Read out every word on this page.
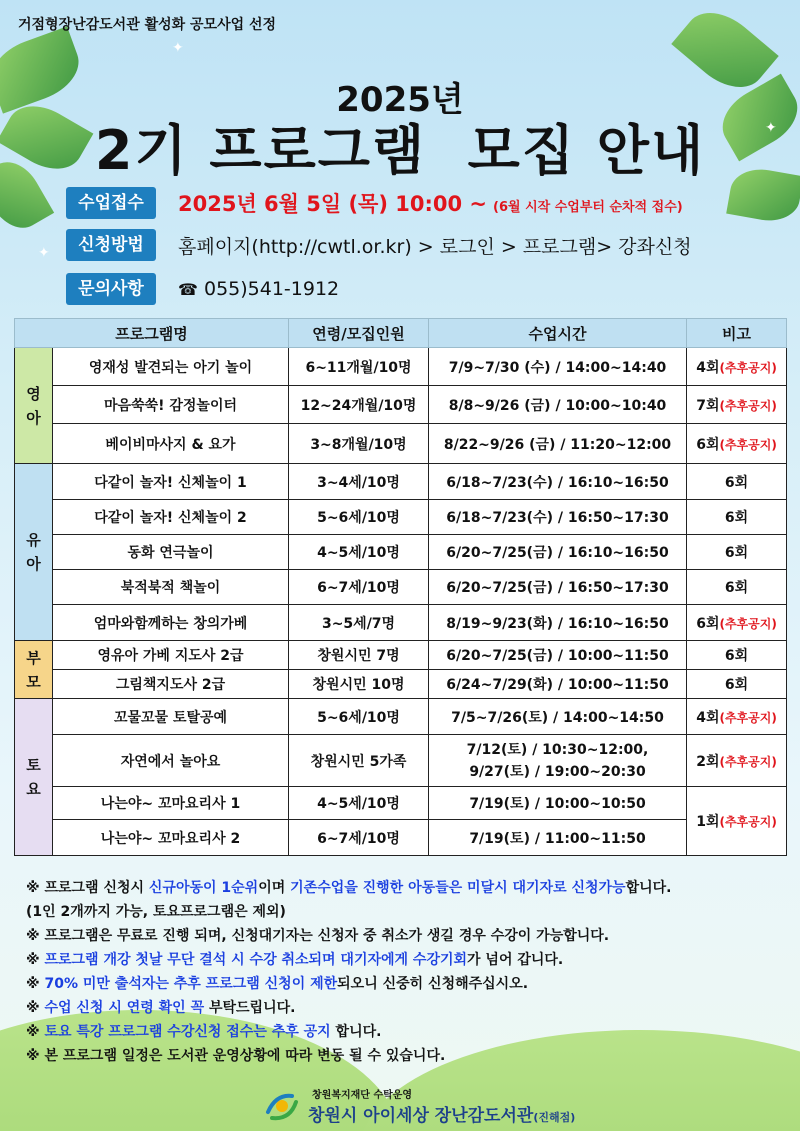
✦
✦
✦
거점형장난감도서관 활성화 공모사업 선정
2025년
2기 프로그램  모집 안내
수업접수	2025년 6월 5일 (목) 10:00 ~ (6월 시작 수업부터 순차적 접수)
신청방법	홈페이지(http://cwtl.or.kr) > 로그인 > 프로그램> 강좌신청
문의사항	☎ 055)541-1912
프로그램명		연령/모집인원	수업시간	비고
영
아	영재성 발견되는 아기 놀이	6~11개월/10명	7/9~7/30 (수) / 14:00~14:40	4회(추후공지)
	마음쑥쑥! 감정놀이터	12~24개월/10명	8/8~9/26 (금) / 10:00~10:40	7회(추후공지)
	베이비마사지 & 요가	3~8개월/10명	8/22~9/26 (금) / 11:20~12:00	6회(추후공지)
유
아	다같이 놀자! 신체놀이 1	3~4세/10명	6/18~7/23(수) / 16:10~16:50	6회
	다같이 놀자! 신체놀이 2	5~6세/10명	6/18~7/23(수) / 16:50~17:30	6회
	동화 연극놀이	4~5세/10명	6/20~7/25(금) / 16:10~16:50	6회
	북적북적 책놀이	6~7세/10명	6/20~7/25(금) / 16:50~17:30	6회
	엄마와함께하는 창의가베	3~5세/7명	8/19~9/23(화) / 16:10~16:50	6회(추후공지)
부
모	영유아 가베 지도사 2급	창원시민 7명	6/20~7/25(금) / 10:00~11:50	6회
	그림책지도사 2급	창원시민 10명	6/24~7/29(화) / 10:00~11:50	6회
토
요	꼬물꼬물 토탈공예	5~6세/10명	7/5~7/26(토) / 14:00~14:50	4회(추후공지)
	자연에서 놀아요	창원시민 5가족	7/12(토) / 10:30~12:00,
9/27(토) / 19:00~20:30	2회(추후공지)
	나는야~ 꼬마요리사 1	4~5세/10명	7/19(토) / 10:00~10:50	1회(추후공지)
	나는야~ 꼬마요리사 2	6~7세/10명	7/19(토) / 11:00~11:50	
※ 프로그램 신청시 신규아동이 1순위이며 기존수업을 진행한 아동들은 미달시 대기자로 신청가능합니다.
(1인 2개까지 가능, 토요프로그램은 제외)
※ 프로그램은 무료로 진행 되며, 신청대기자는 신청자 중 취소가 생길 경우 수강이 가능합니다.
※ 프로그램 개강 첫날 무단 결석 시 수강 취소되며 대기자에게 수강기회가 넘어 갑니다.
※ 70% 미만 출석자는 추후 프로그램 신청이 제한되오니 신중히 신청해주십시오.
※ 수업 신청 시 연령 확인 꼭 부탁드립니다.
※ 토요 특강 프로그램 수강신청 접수는 추후 공지 합니다.
※ 본 프로그램 일정은 도서관 운영상황에 따라 변동 될 수 있습니다.
창원복지재단 수탁운영
창원시 아이세상 장난감도서관(진해점)
